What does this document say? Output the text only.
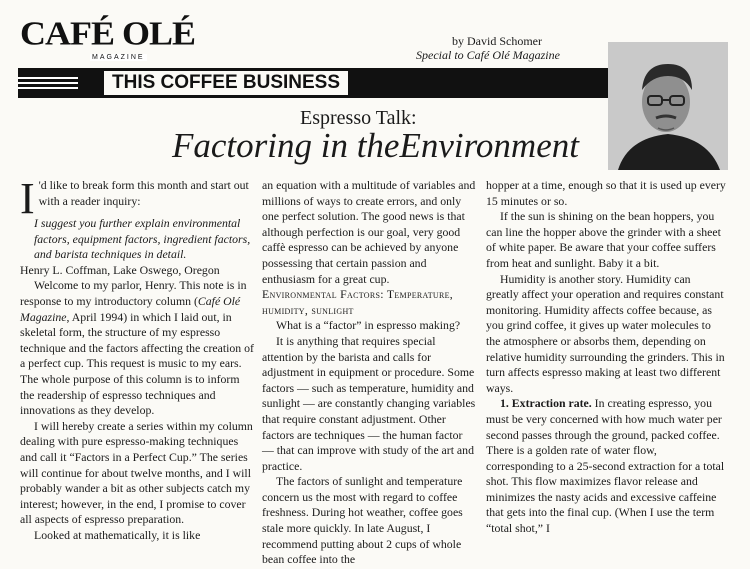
CAFÉ OLÉ
MAGAZINE
by David Schomer
Special to Café Olé Magazine
THIS COFFEE BUSINESS
Espresso Talk:
Factoring in theEnvironment

I 'd like to break form this month and start out with a reader inquiry:
I suggest you further explain environmental factors, equipment factors, ingredient factors, and barista techniques in detail. Henry L. Coffman, Lake Oswego, Oregon

Welcome to my parlor, Henry. This note is in response to my introductory column (Café Olé Magazine, April 1994) in which I laid out, in skeletal form, the structure of my espresso technique and the factors affecting the creation of a perfect cup. This request is music to my ears. The whole purpose of this column is to inform the readership of espresso techniques and innovations as they develop.

I will hereby create a series within my column dealing with pure espresso-making techniques and call it “Factors in a Perfect Cup.” The series will continue for about twelve months, and I will probably wander a bit as other subjects catch my interest; however, in the end, I promise to cover all aspects of espresso preparation.

Looked at mathematically, it is like

an equation with a multitude of variables and millions of ways to create errors, and only one perfect solution. The good news is that although perfection is our goal, very good caffè espresso can be achieved by anyone possessing that certain passion and enthusiasm for a great cup.

Environmental Factors: Temperature, humidity, sunlight

What is a “factor” in espresso making?

It is anything that requires special attention by the barista and calls for adjustment in equipment or procedure. Some factors — such as temperature, humidity and sunlight — are constantly changing variables that require constant adjustment. Other factors are techniques — the human factor — that can improve with study of the art and practice.

The factors of sunlight and temperature concern us the most with regard to coffee freshness. During hot weather, coffee goes stale more quickly. In late August, I recommend putting about 2 cups of whole bean coffee into the

hopper at a time, enough so that it is used up every 15 minutes or so.

If the sun is shining on the bean hoppers, you can line the hopper above the grinder with a sheet of white paper. Be aware that your coffee suffers from heat and sunlight. Baby it a bit.

Humidity is another story. Humidity can greatly affect your operation and requires constant monitoring. Humidity affects coffee because, as you grind coffee, it gives up water molecules to the atmosphere or absorbs them, depending on relative humidity surrounding the grinders. This in turn affects espresso making at least two different ways.

1. Extraction rate. In creating espresso, you must be very concerned with how much water per second passes through the ground, packed coffee. There is a golden rate of water flow, corresponding to a 25-second extraction for a total shot. This flow maximizes flavor release and minimizes the nasty acids and excessive caffeine that gets into the final cup. (When I use the term “total shot,” I
